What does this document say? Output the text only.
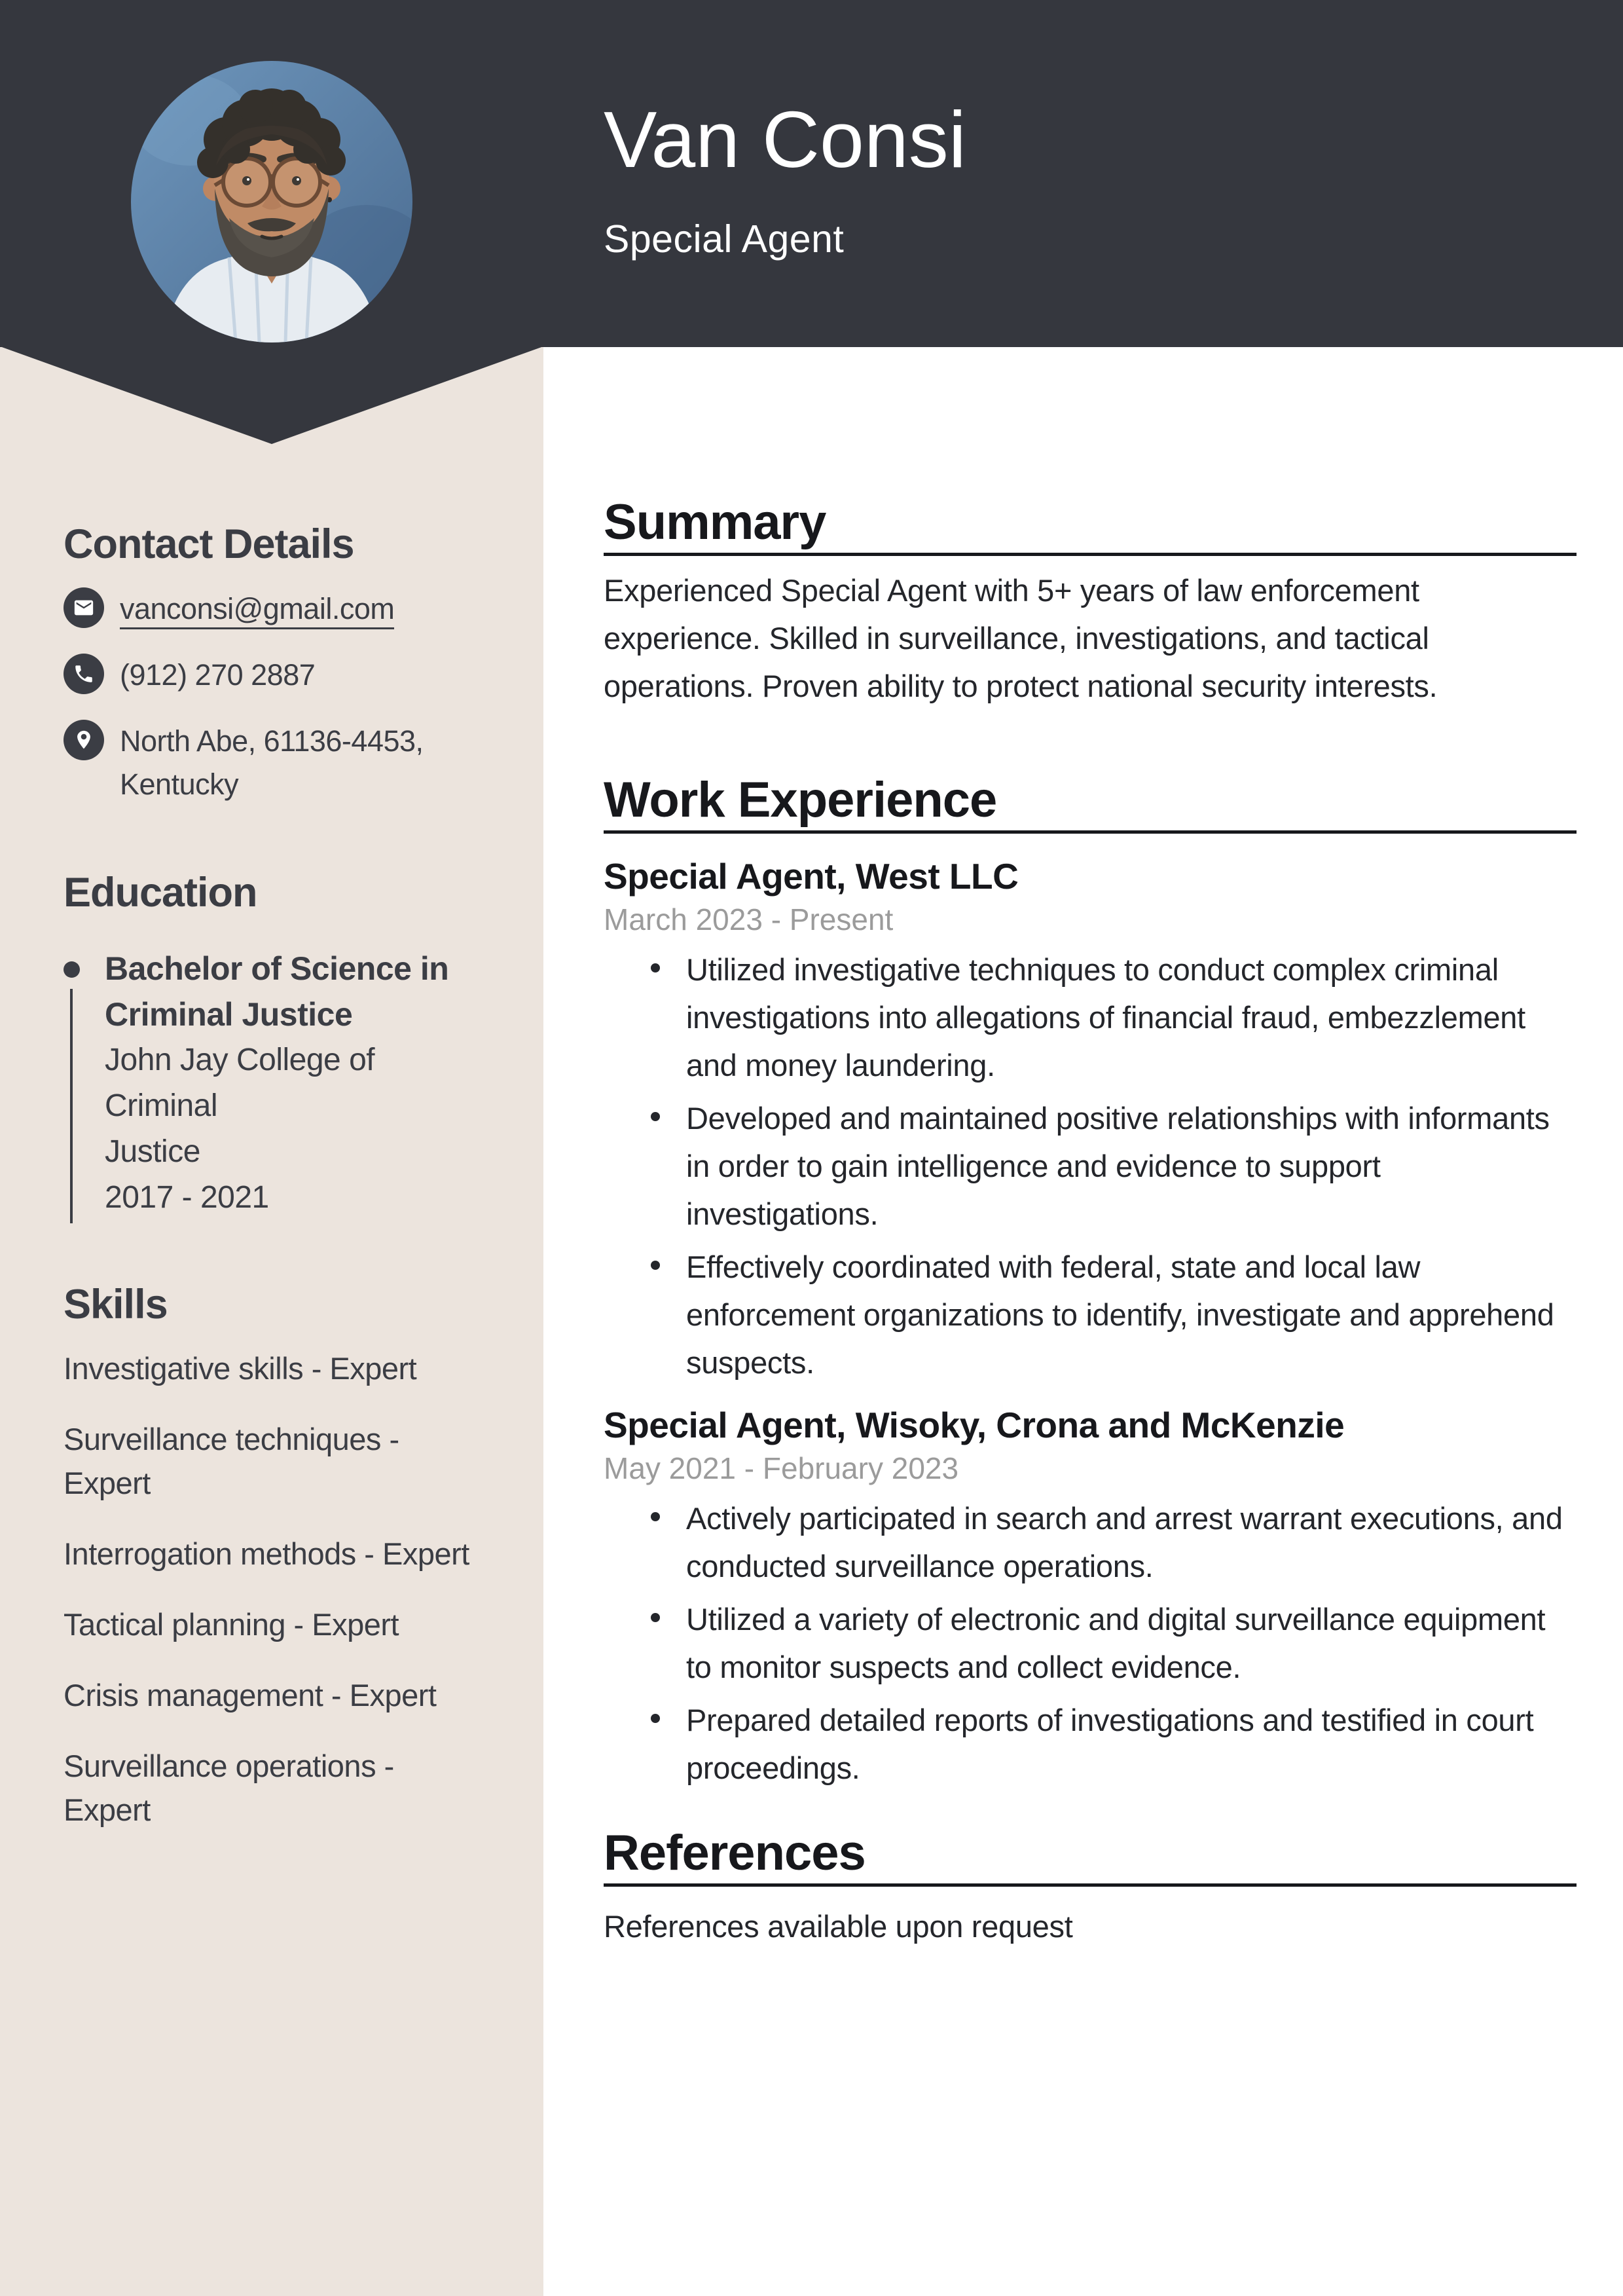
Van Consi
Special Agent
Contact Details
vanconsi@gmail.com
(912) 270 2887
North Abe, 61136-4453,
Kentucky
Education
Bachelor of Science in
Criminal Justice
John Jay College of Criminal
Justice
2017 - 2021
Skills
Investigative skills - Expert
Surveillance techniques -
Expert
Interrogation methods - Expert
Tactical planning - Expert
Crisis management - Expert
Surveillance operations -
Expert
Summary
Experienced Special Agent with 5+ years of law enforcement
experience. Skilled in surveillance, investigations, and tactical
operations. Proven ability to protect national security interests.
Work Experience
Special Agent, West LLC
March 2023 - Present
Utilized investigative techniques to conduct complex criminal
investigations into allegations of financial fraud, embezzlement
and money laundering.
Developed and maintained positive relationships with informants
in order to gain intelligence and evidence to support
investigations.
Effectively coordinated with federal, state and local law
enforcement organizations to identify, investigate and apprehend
suspects.
Special Agent, Wisoky, Crona and McKenzie
May 2021 - February 2023
Actively participated in search and arrest warrant executions, and
conducted surveillance operations.
Utilized a variety of electronic and digital surveillance equipment
to monitor suspects and collect evidence.
Prepared detailed reports of investigations and testified in court
proceedings.
References
References available upon request
